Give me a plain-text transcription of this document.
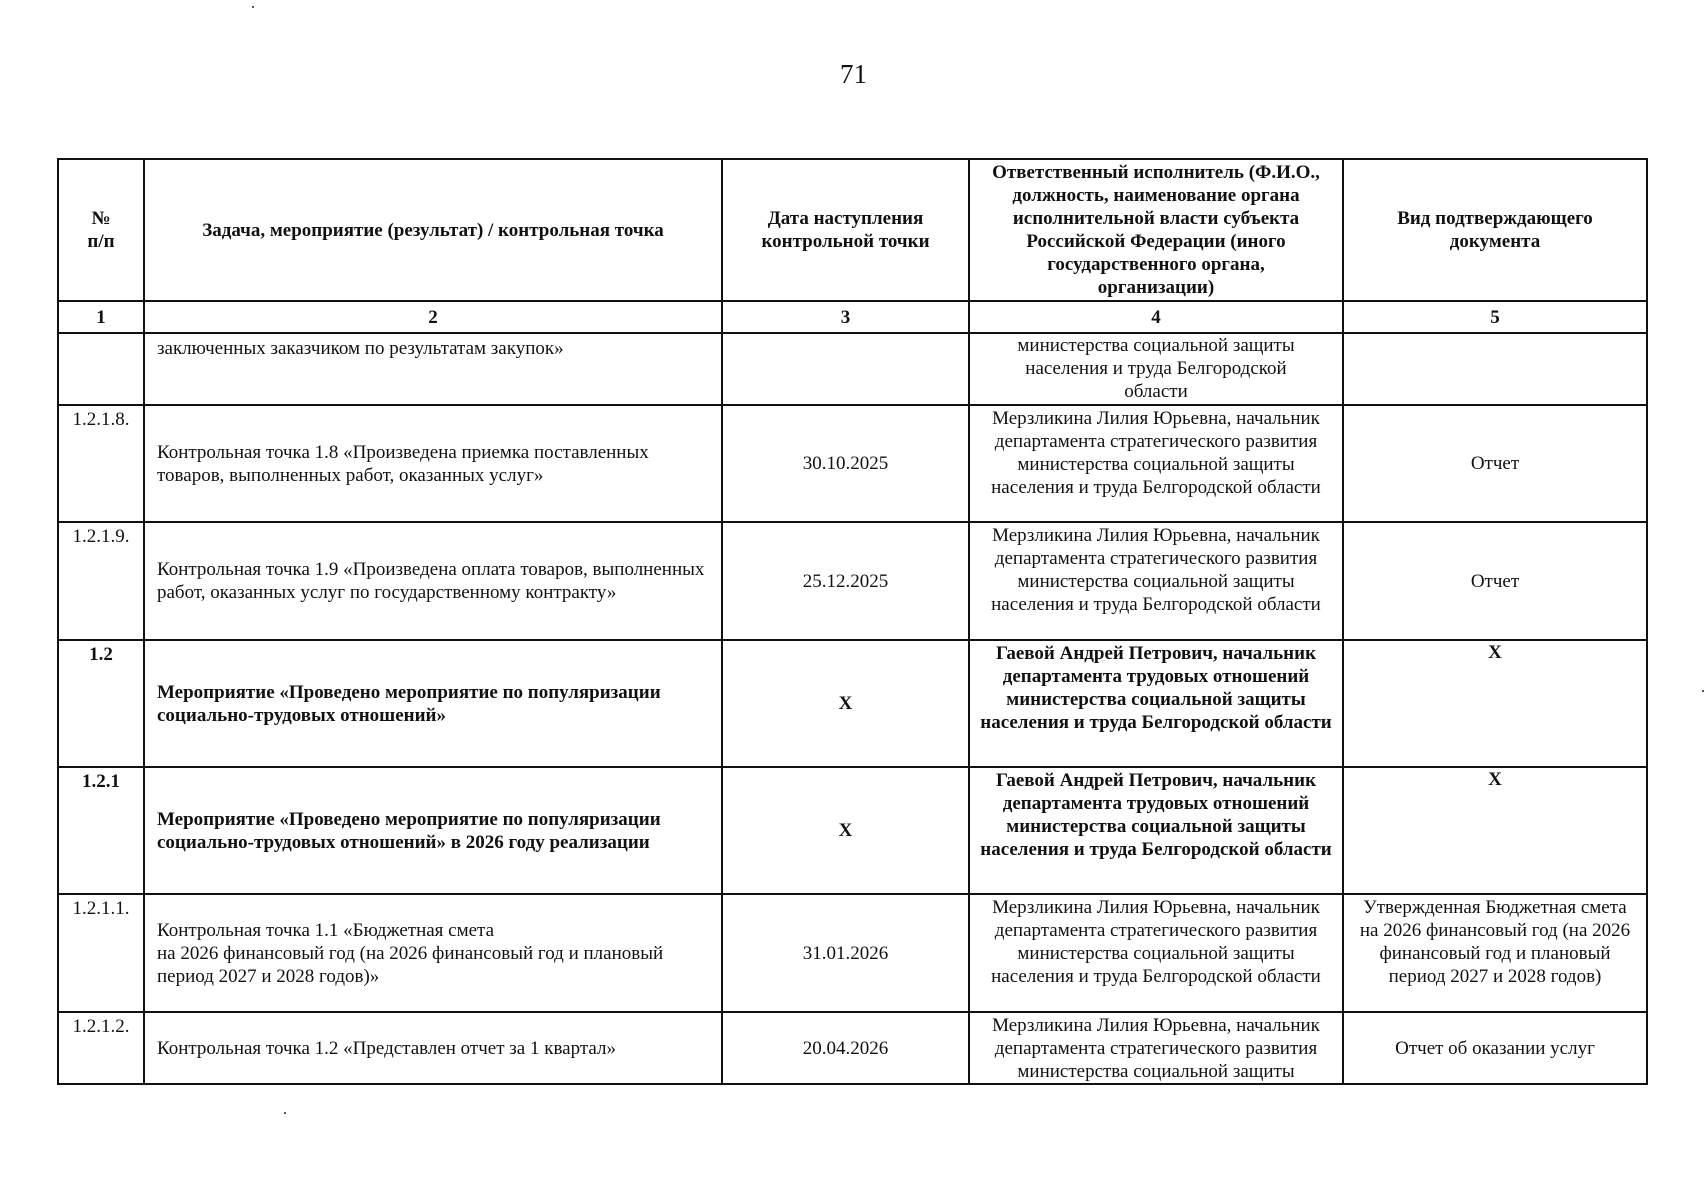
71
№
п/п	Задача, мероприятие (результат) / контрольная точка	Дата наступления контрольной точки	Ответственный исполнитель (Ф.И.О., должность, наименование органа исполнительной власти субъекта Российской Федерации (иного государственного органа, организации)	Вид подтверждающего документа
1	2	3	4	5
	заключенных заказчиком по результатам закупок»		министерства социальной защиты населения и труда Белгородской области	
1.2.1.8.	Контрольная точка 1.8 «Произведена приемка поставленных товаров, выполненных работ, оказанных услуг»	30.10.2025	Мерзликина Лилия Юрьевна, начальник департамента стратегического развития министерства социальной защиты населения и труда Белгородской области	Отчет
1.2.1.9.	Контрольная точка 1.9 «Произведена оплата товаров, выполненных работ, оказанных услуг по государственному контракту»	25.12.2025	Мерзликина Лилия Юрьевна, начальник департамента стратегического развития министерства социальной защиты населения и труда Белгородской области	Отчет
1.2	Мероприятие «Проведено мероприятие по популяризации социально-трудовых отношений»	X	Гаевой Андрей Петрович, начальник департамента трудовых отношений министерства социальной защиты населения и труда Белгородской области	X
1.2.1	Мероприятие «Проведено мероприятие по популяризации социально-трудовых отношений» в 2026 году реализации	X	Гаевой Андрей Петрович, начальник департамента трудовых отношений министерства социальной защиты населения и труда Белгородской области	X
1.2.1.1.	Контрольная точка 1.1 «Бюджетная смета
на 2026 финансовый год (на 2026 финансовый год и плановый период 2027 и 2028 годов)»	31.01.2026	Мерзликина Лилия Юрьевна, начальник департамента стратегического развития министерства социальной защиты населения и труда Белгородской области	Утвержденная Бюджетная смета на 2026 финансовый год (на 2026 финансовый год и плановый период 2027 и 2028 годов)
1.2.1.2.	Контрольная точка 1.2 «Представлен отчет за 1 квартал»	20.04.2026	Мерзликина Лилия Юрьевна, начальник департамента стратегического развития министерства социальной защиты	Отчет об оказании услуг
